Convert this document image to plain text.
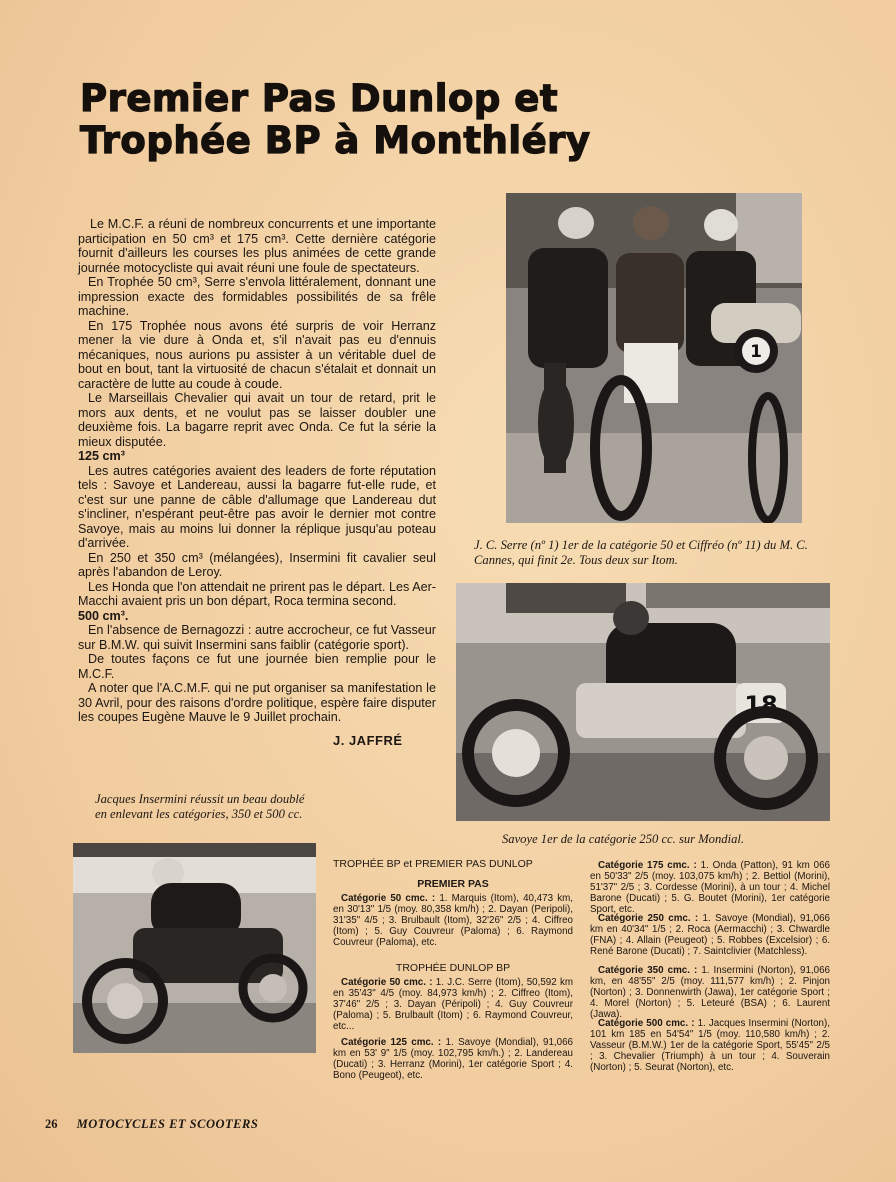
Premier Pas Dunlop et
Trophée BP à Monthléry
1

J. C. Serre (nº 1) 1er de la catégorie 50 et Ciffréo (nº 11) du M. C. Cannes, qui finit 2e. Tous deux sur Itom.

18

Savoye 1er de la catégorie 250 cc. sur Mondial.

Jacques Insermini réussit un beau doublé en enlevant les catégories, 350 et 500 cc.

Le M.C.F. a réuni de nombreux concurrents et une importante participation en 50 cm³ et 175 cm³. Cette dernière catégorie fournit d'ailleurs les courses les plus animées de cette grande journée motocycliste qui avait réuni une foule de spectateurs.

En Trophée 50 cm³, Serre s'envola littéralement, donnant une impression exacte des formidables possibilités de sa frêle machine.

En 175 Trophée nous avons été surpris de voir Herranz mener la vie dure à Onda et, s'il n'avait pas eu d'ennuis mécaniques, nous aurions pu assister à un véritable duel de bout en bout, tant la virtuosité de chacun s'étalait et donnait un caractère de lutte au coude à coude.

Le Marseillais Chevalier qui avait un tour de retard, prit le mors aux dents, et ne voulut pas se laisser doubler une deuxième fois. La bagarre reprit avec Onda. Ce fut la série la mieux disputée.

125 cm³

Les autres catégories avaient des leaders de forte réputation tels : Savoye et Landereau, aussi la bagarre fut-elle rude, et c'est sur une panne de câble d'allumage que Landereau dut s'incliner, n'espérant peut-être pas avoir le dernier mot contre Savoye, mais au moins lui donner la réplique jusqu'au poteau d'arrivée.

En 250 et 350 cm³ (mélangées), Insermini fit cavalier seul après l'abandon de Leroy.

Les Honda que l'on attendait ne prirent pas le départ. Les Aer-Macchi avaient pris un bon départ, Roca termina second.

500 cm³.

En l'absence de Bernagozzi : autre accrocheur, ce fut Vasseur sur B.M.W. qui suivit Insermini sans faiblir (catégorie sport).

De toutes façons ce fut une journée bien remplie pour le M.C.F.

A noter que l'A.C.M.F. qui ne put organiser sa manifestation le 30 Avril, pour des raisons d'ordre politique, espère faire disputer les coupes Eugène Mauve le 9 Juillet prochain.

J. JAFFRÉ
TROPHÉE BP et PREMIER PAS DUNLOP
PREMIER PAS

Catégorie 50 cmc. : 1. Marquis (Itom), 40,473 km, en 30'13" 1/5 (moy. 80,358 km/h) ; 2. Dayan (Peripoli), 31'35" 4/5 ; 3. Brulbault (Itom), 32'26" 2/5 ; 4. Ciffreo (Itom) ; 5. Guy Couvreur (Paloma) ; 6. Raymond Couvreur (Paloma), etc.

TROPHÉE DUNLOP BP

Catégorie 50 cmc. : 1. J.C. Serre (Itom), 50,592 km en 35'43" 4/5 (moy. 84,973 km/h) ; 2. Ciffreo (Itom), 37'46" 2/5 ; 3. Dayan (Péripoli) ; 4. Guy Couvreur (Paloma) ; 5. Brulbault (Itom) ; 6. Raymond Couvreur, etc...

Catégorie 125 cmc. : 1. Savoye (Mondial), 91,066 km en 53' 9" 1/5 (moy. 102,795 km/h.) ; 2. Landereau (Ducati) ; 3. Herranz (Morini), 1er catégorie Sport ; 4. Bono (Peugeot), etc.

Catégorie 175 cmc. : 1. Onda (Patton), 91 km 066 en 50'33" 2/5 (moy. 103,075 km/h) ; 2. Bettiol (Morini), 51'37" 2/5 ; 3. Cordesse (Morini), à un tour ; 4. Michel Barone (Ducati) ; 5. G. Boutet (Morini), 1er catégorie Sport, etc.

Catégorie 250 cmc. : 1. Savoye (Mondial), 91,066 km en 40'34" 1/5 ; 2. Roca (Aermacchi) ; 3. Chwardle (FNA) ; 4. Allain (Peugeot) ; 5. Robbes (Excelsior) ; 6. René Barone (Ducati) ; 7. Saintclivier (Matchless).

Catégorie 350 cmc. : 1. Insermini (Norton), 91,066 km, en 48'55" 2/5 (moy. 111,577 km/h) ; 2. Pinjon (Norton) ; 3. Donnenwirth (Jawa), 1er catégorie Sport ; 4. Morel (Norton) ; 5. Leteuré (BSA) ; 6. Laurent (Jawa).

Catégorie 500 cmc. : 1. Jacques Insermini (Norton), 101 km 185 en 54'54" 1/5 (moy. 110,580 km/h) ; 2. Vasseur (B.M.W.) 1er de la catégorie Sport, 55'45" 2/5 ; 3. Chevalier (Triumph) à un tour ; 4. Souverain (Norton) ; 5. Seurat (Norton), etc.

26 MOTOCYCLES ET SCOOTERS
